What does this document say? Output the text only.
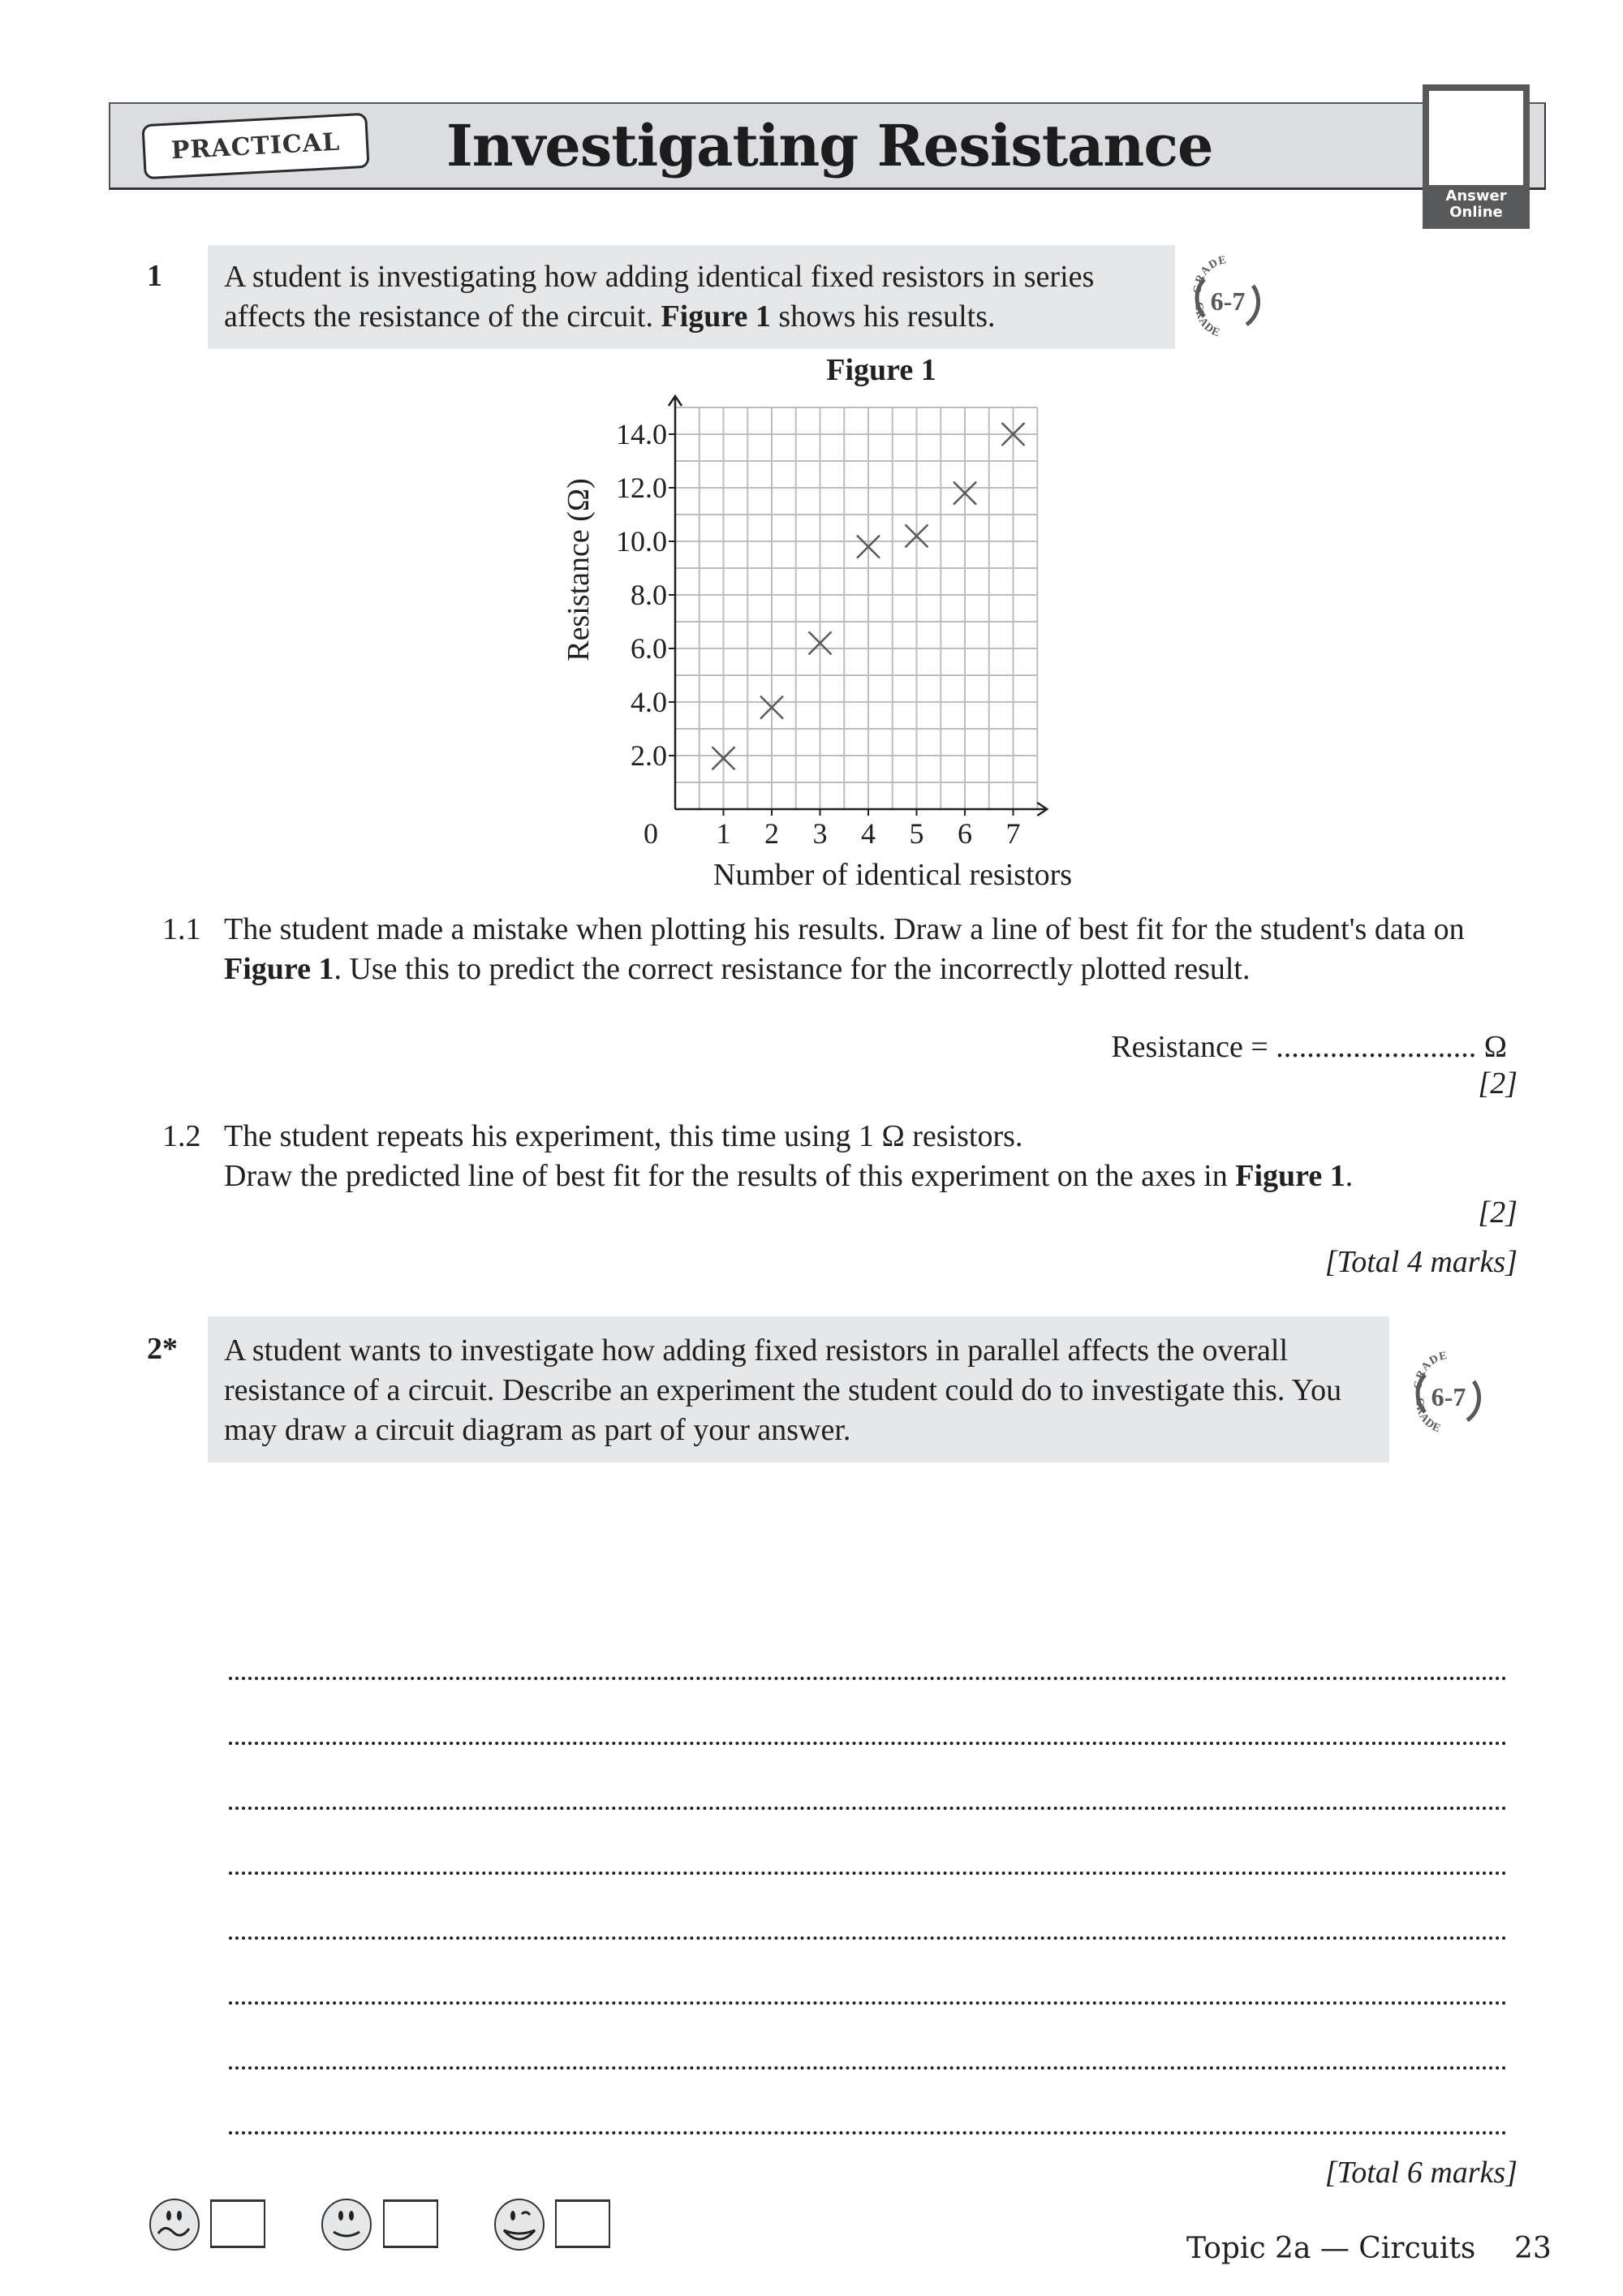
PRACTICAL	Investigating Resistance
Answer
Online
1 A student is investigating how adding identical fixed resistors in series affects the resistance of the circuit. Figure 1 shows his results.
GRADE
GRADE
6-7
Figure 1
2.0
4.0
6.0
8.0
10.0
12.0
14.0
0 1 2 3 4 5 6 7
Resistance (Ω)
Number of identical resistors
1.1 The student made a mistake when plotting his results. Draw a line of best fit for the student's data on Figure 1. Use this to predict the correct resistance for the incorrectly plotted result.
Resistance = .......................... Ω
[2]
1.2 The student repeats his experiment, this time using 1 Ω resistors.
Draw the predicted line of best fit for the results of this experiment on the axes in Figure 1.
[2]
[Total 4 marks]
2* A student wants to investigate how adding fixed resistors in parallel affects the overall resistance of a circuit. Describe an experiment the student could do to investigate this. You may draw a circuit diagram as part of your answer.
GRADE
GRADE
6-7
[Total 6 marks]
Topic 2a — Circuits 23
